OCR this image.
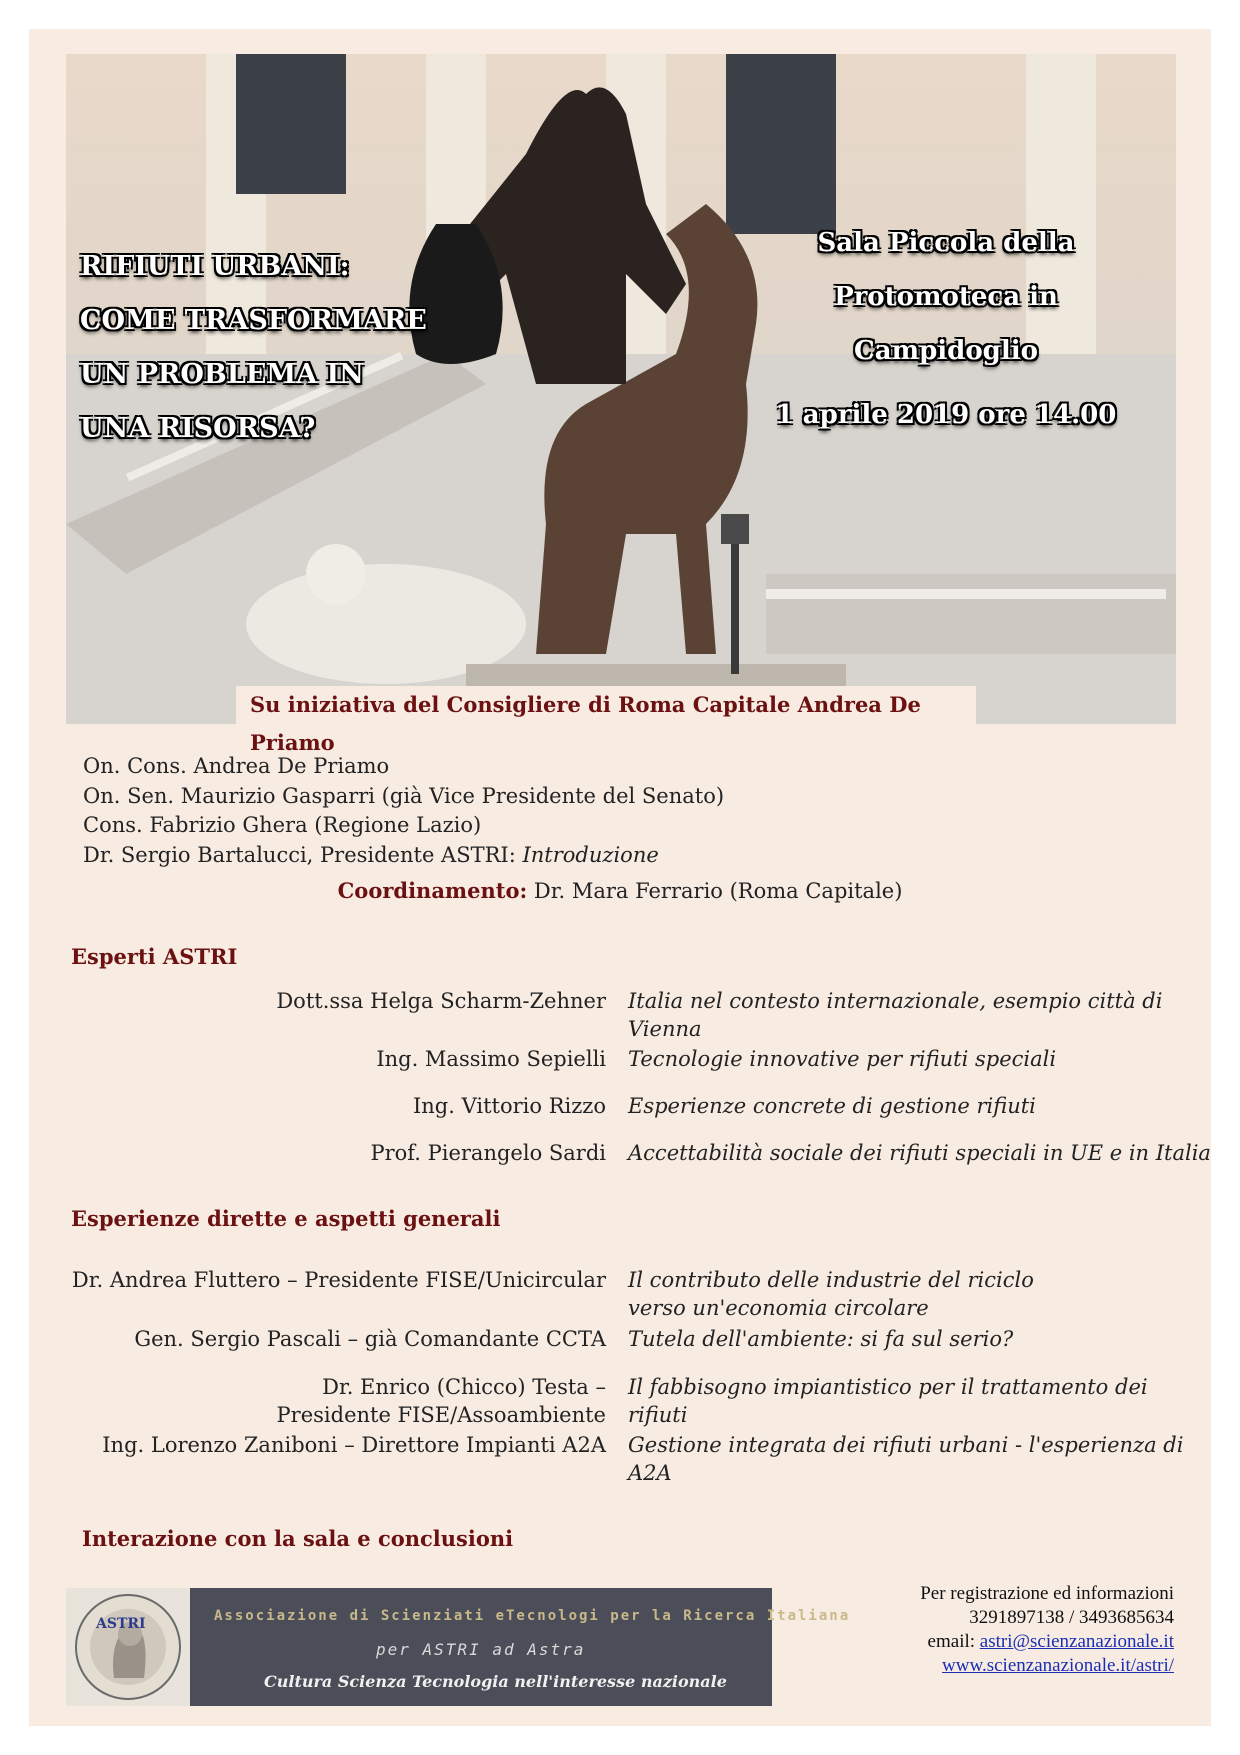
RIFIUTI URBANI: COME TRASFORMARE UN PROBLEMA IN UNA RISORSA?
Sala Piccola della
Protomoteca in
Campidoglio
1 aprile 2019 ore 14.00
Su iniziativa del Consigliere di Roma Capitale Andrea De Priamo
On. Cons. Andrea De Priamo
On. Sen. Maurizio Gasparri (già Vice Presidente del Senato)
Cons. Fabrizio Ghera (Regione Lazio)
Dr. Sergio Bartalucci, Presidente ASTRI: Introduzione
Coordinamento: Dr. Mara Ferrario (Roma Capitale)
Esperti ASTRI
Dott.ssa Helga Scharm-Zehner Italia nel contesto internazionale, esempio città di Vienna
Ing. Massimo Sepielli Tecnologie innovative per rifiuti speciali
Ing. Vittorio Rizzo Esperienze concrete di gestione rifiuti
Prof. Pierangelo Sardi Accettabilità sociale dei rifiuti speciali in UE e in Italia
Esperienze dirette e aspetti generali
Dr. Andrea Fluttero – Presidente FISE/Unicircular Il contributo delle industrie del riciclo verso un'economia circolare
Gen. Sergio Pascali – già Comandante CCTA Tutela dell'ambiente: si fa sul serio?
Dr. Enrico (Chicco) Testa – Presidente FISE/Assoambiente
Il fabbisogno impiantistico per il trattamento dei rifiuti
Ing. Lorenzo Zaniboni – Direttore Impianti A2A Gestione integrata dei rifiuti urbani - l'esperienza di A2A
Interazione con la sala e conclusioni
ASTRI	Associazione di Scienziati eTecnologi per la Ricerca Italiana
per ASTRI ad Astra
Cultura Scienza Tecnologia nell'interesse nazionale
Per registrazione ed informazioni
3291897138 / 3493685634
email: astri@scienzanazionale.it
www.scienzanazionale.it/astri/
